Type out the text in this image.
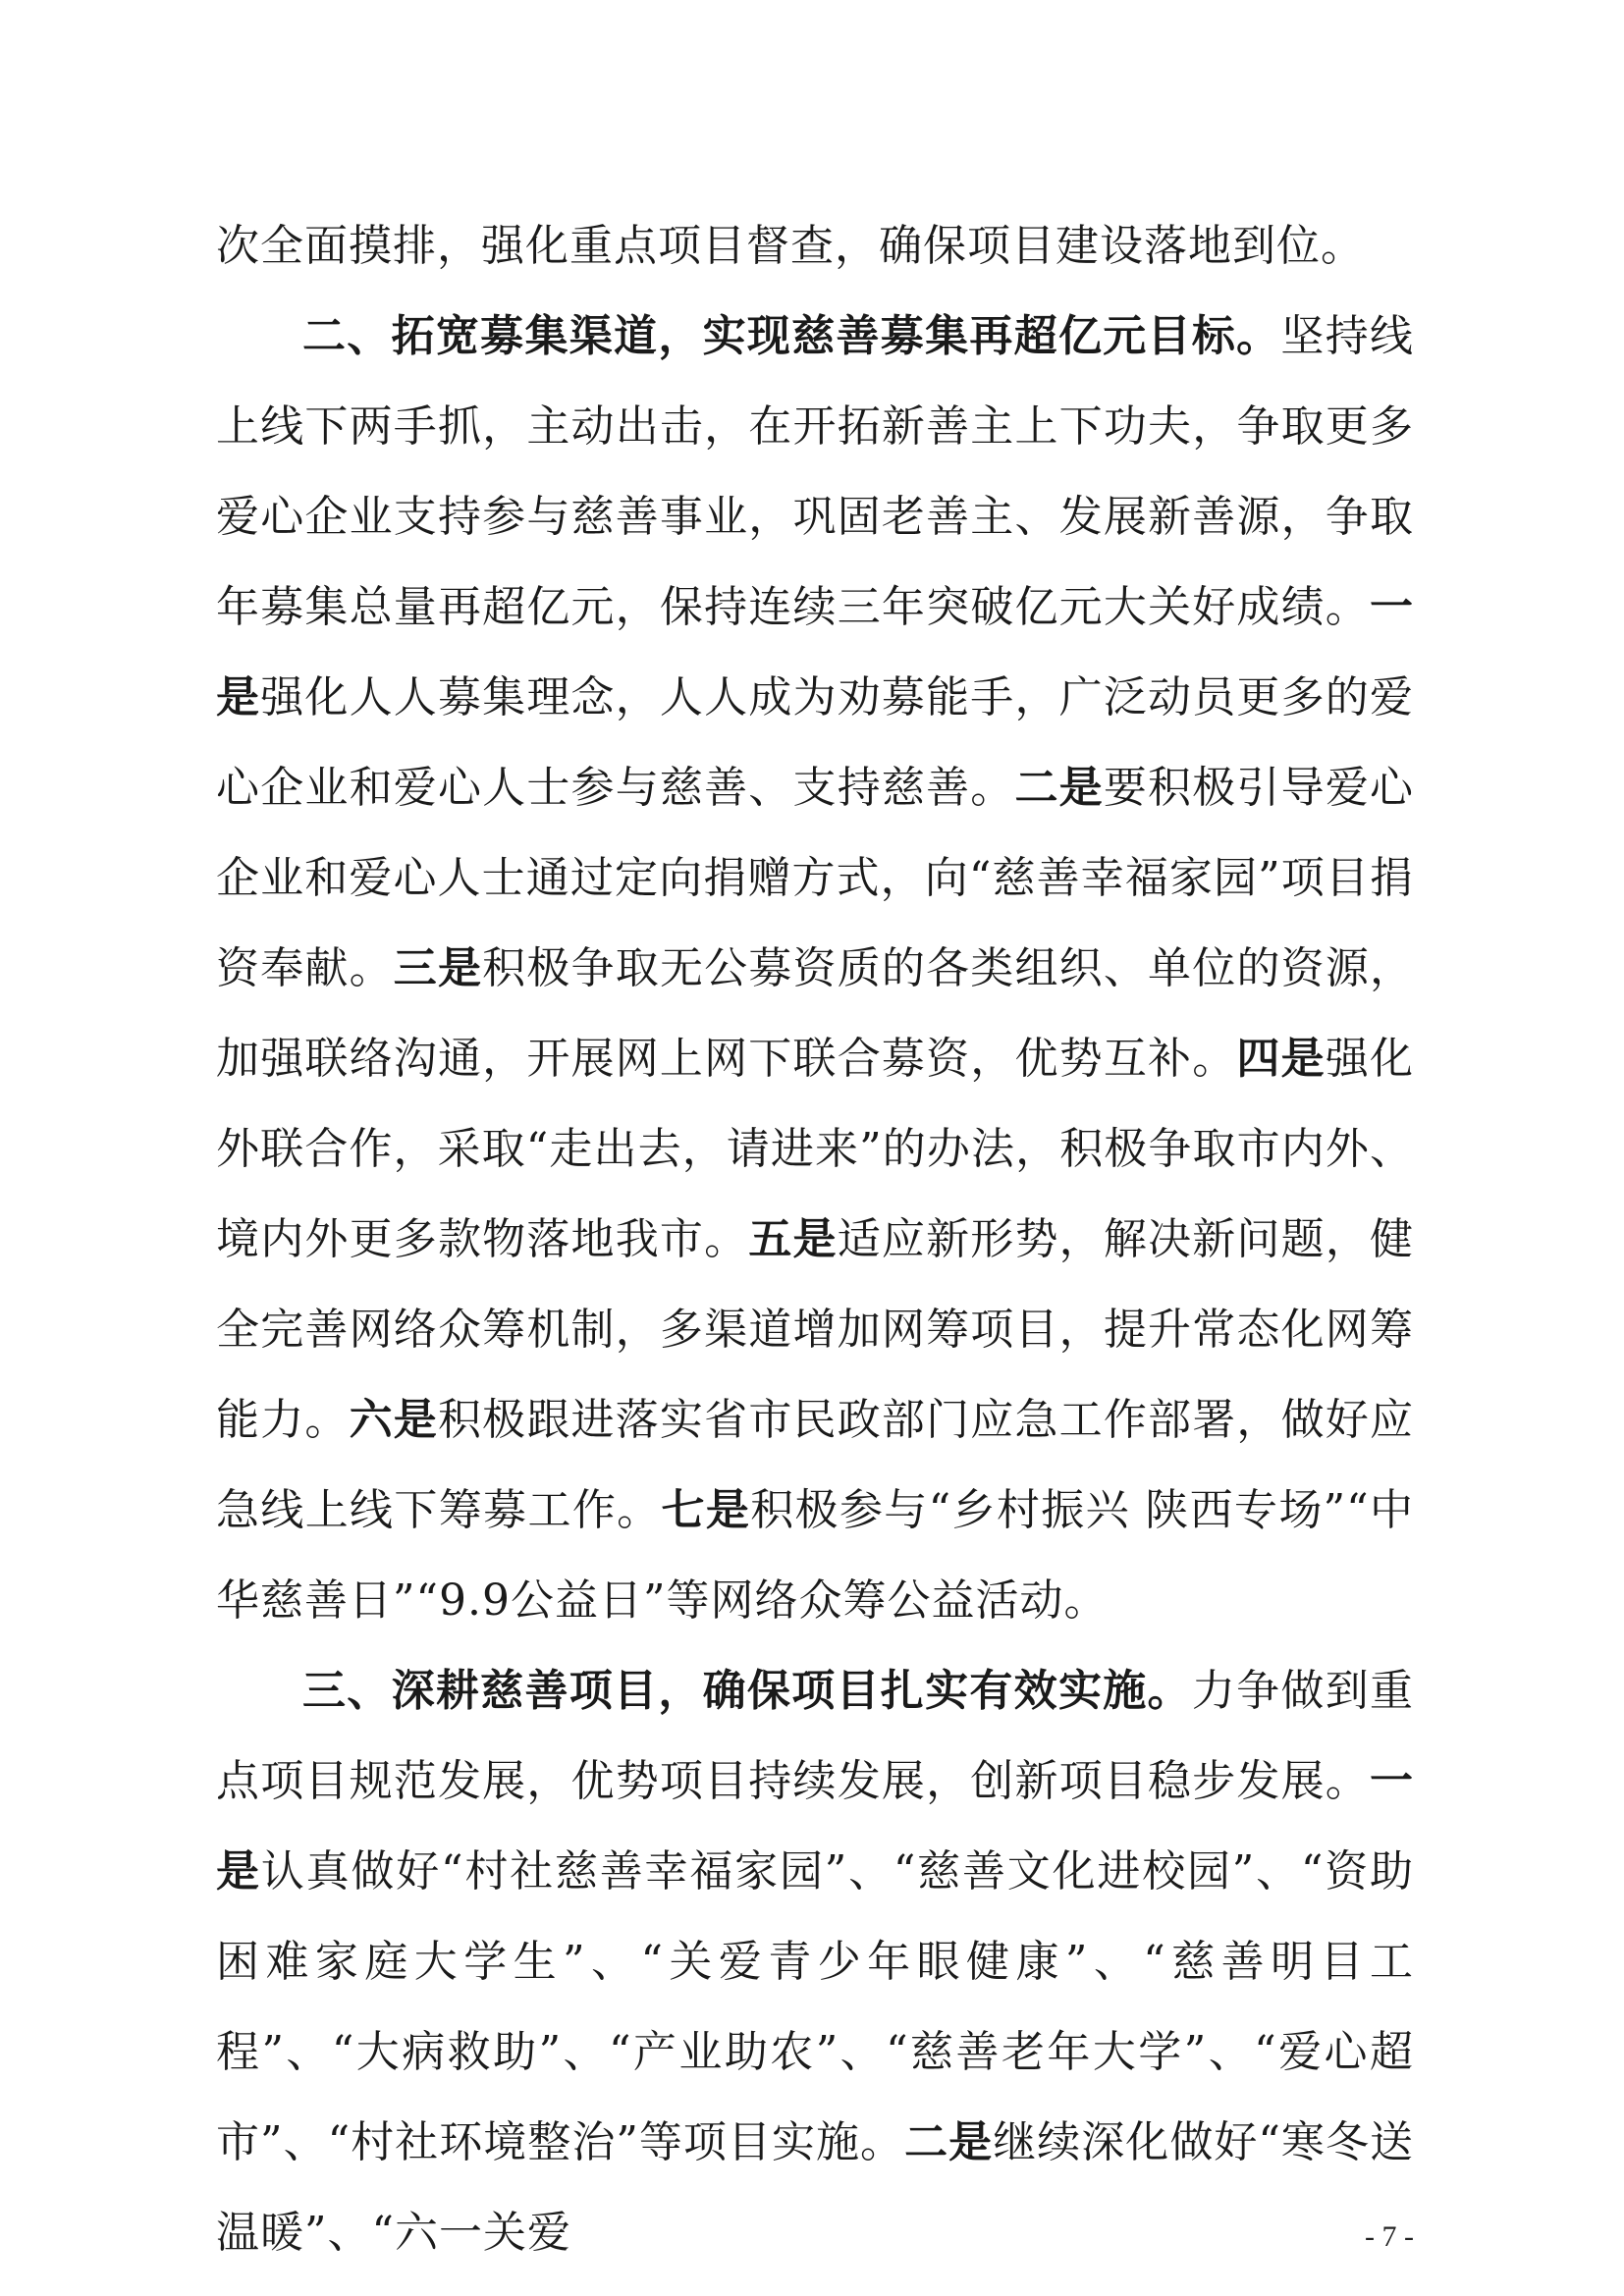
次全面摸排，强化重点项目督查，确保项目建设落地到位。

二、拓宽募集渠道，实现慈善募集再超亿元目标。坚持线上线下两手抓，主动出击，在开拓新善主上下功夫，争取更多爱心企业支持参与慈善事业，巩固老善主、发展新善源，争取年募集总量再超亿元，保持连续三年突破亿元大关好成绩。一是强化人人募集理念，人人成为劝募能手，广泛动员更多的爱心企业和爱心人士参与慈善、支持慈善。二是要积极引导爱心企业和爱心人士通过定向捐赠方式，向“慈善幸福家园”项目捐资奉献。三是积极争取无公募资质的各类组织、单位的资源，加强联络沟通，开展网上网下联合募资，优势互补。四是强化外联合作，采取“走出去，请进来”的办法，积极争取市内外、境内外更多款物落地我市。五是适应新形势，解决新问题，健全完善网络众筹机制，多渠道增加网筹项目，提升常态化网筹能力。六是积极跟进落实省市民政部门应急工作部署，做好应急线上线下筹募工作。七是积极参与“乡村振兴 陕西专场”“中华慈善日”“9.9公益日”等网络众筹公益活动。

三、深耕慈善项目，确保项目扎实有效实施。力争做到重点项目规范发展，优势项目持续发展，创新项目稳步发展。一是认真做好“村社慈善幸福家园”、“慈善文化进校园”、“资助困难家庭大学生”、“关爱青少年眼健康”、“慈善明目工程”、“大病救助”、“产业助农”、“慈善老年大学”、“爱心超市”、“村社环境整治”等项目实施。二是继续深化做好“寒冬送温暖”、“六一关爱	- 7 -
